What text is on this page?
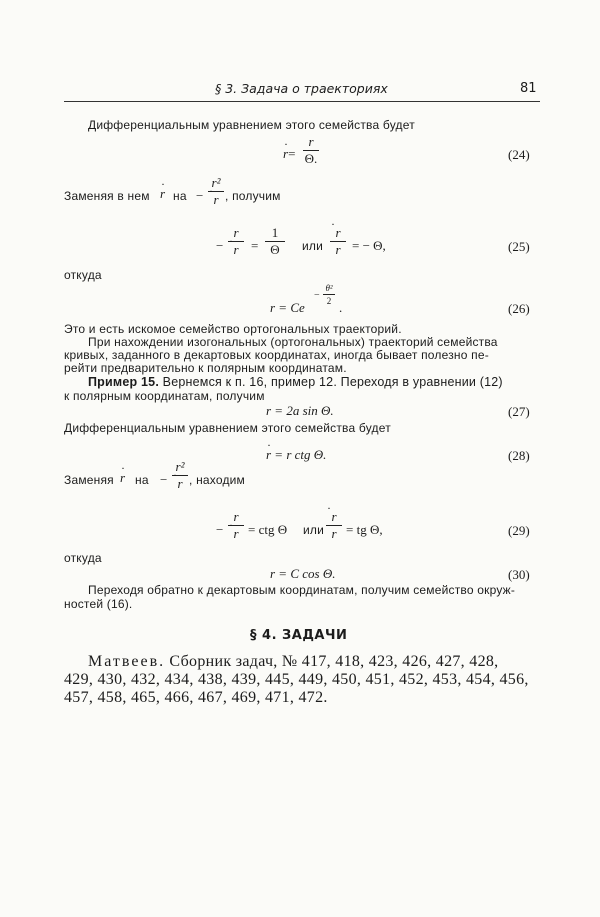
§ 3. Задача о траекториях	81
Дифференциальным уравнением этого семейства будет
· r=
r
Θ.	(24)
Заменяя в нем · r на −
r²
· r , получим
−
r
· r =
1
Θ	или
· r
r = − Θ,	(25)
откуда
r = Ce
−
θ²
2 .	(26)
Это и есть искомое семейство ортогональных траекторий.
При нахождении изогональных (ортогональных) траекторий семейства
кривых, заданного в декартовых координатах, иногда бывает полезно пе-
рейти предварительно к полярным координатам.
Пример 15. Вернемся к п. 16, пример 12. Переходя в уравнении (12)
к полярным координатам, получим
r = 2a sin Θ.	(27)
Дифференциальным уравнением этого семейства будет
· r = r ctg Θ.	(28)
Заменяя · r на −
r²
· r , находим
−
r
· r = ctg Θ или
· r
r = tg Θ,	(29)
откуда
r = C cos Θ.	(30)
Переходя обратно к декартовым координатам, получим семейство окруж-
ностей (16).
§ 4. ЗАДАЧИ
Матвеев. Сборник задач, № 417, 418, 423, 426, 427, 428,
429, 430, 432, 434, 438, 439, 445, 449, 450, 451, 452, 453, 454, 456,
457, 458, 465, 466, 467, 469, 471, 472.
